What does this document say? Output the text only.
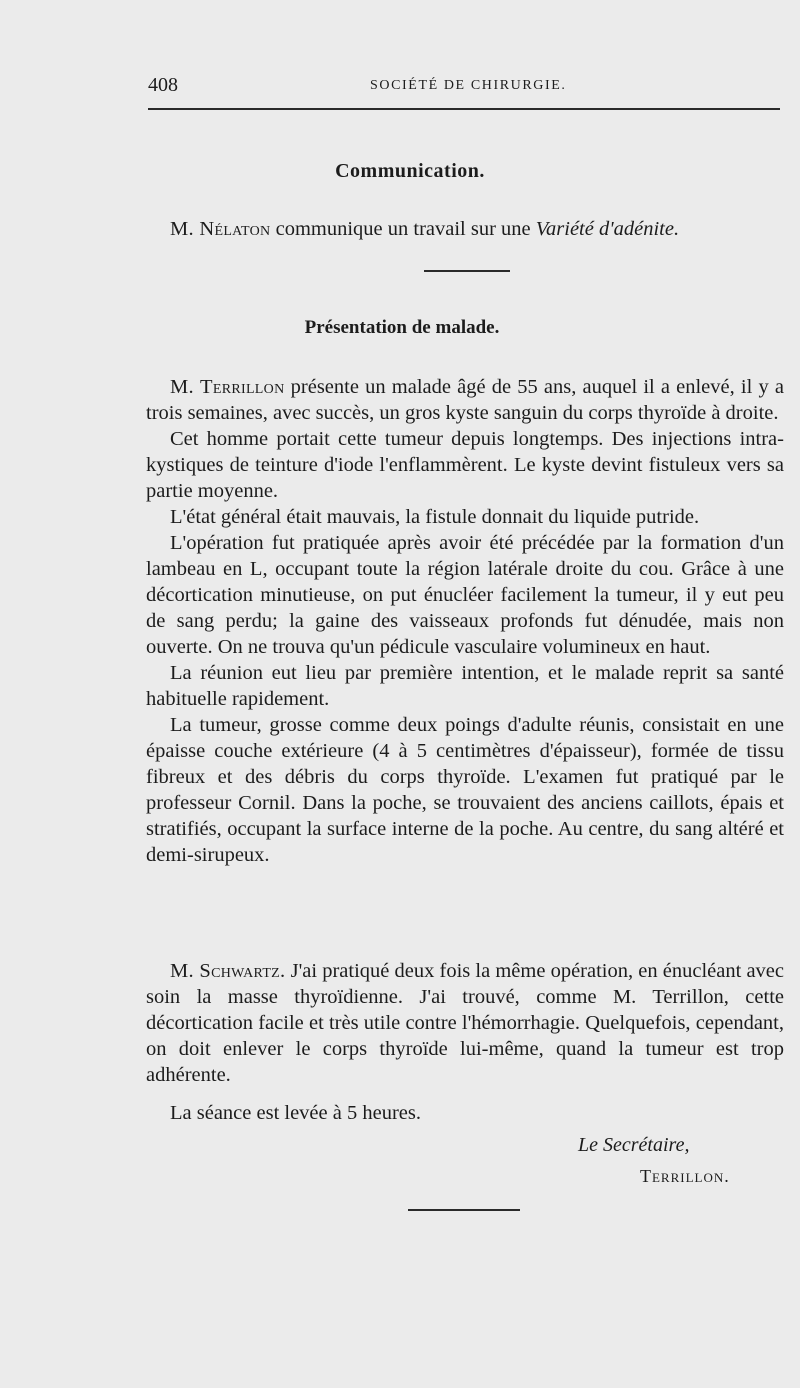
408	SOCIÉTÉ DE CHIRURGIE.
Communication.

M. Nélaton communique un travail sur une Variété d'adénite.

Présentation de malade.

M. Terrillon présente un malade âgé de 55 ans, auquel il a enlevé, il y a trois semaines, avec succès, un gros kyste sanguin du corps thyroïde à droite.

Cet homme portait cette tumeur depuis longtemps. Des injections intra-kystiques de teinture d'iode l'enflammèrent. Le kyste devint fistuleux vers sa partie moyenne.

L'état général était mauvais, la fistule donnait du liquide putride.

L'opération fut pratiquée après avoir été précédée par la formation d'un lambeau en L, occupant toute la région latérale droite du cou. Grâce à une décortication minutieuse, on put énucléer facilement la tumeur, il y eut peu de sang perdu; la gaine des vaisseaux profonds fut dénudée, mais non ouverte. On ne trouva qu'un pédicule vasculaire volumineux en haut.

La réunion eut lieu par première intention, et le malade reprit sa santé habituelle rapidement.

La tumeur, grosse comme deux poings d'adulte réunis, consistait en une épaisse couche extérieure (4 à 5 centimètres d'épaisseur), formée de tissu fibreux et des débris du corps thyroïde. L'examen fut pratiqué par le professeur Cornil. Dans la poche, se trouvaient des anciens caillots, épais et stratifiés, occupant la surface interne de la poche. Au centre, du sang altéré et demi-sirupeux.

M. Schwartz. J'ai pratiqué deux fois la même opération, en énucléant avec soin la masse thyroïdienne. J'ai trouvé, comme M. Terrillon, cette décortication facile et très utile contre l'hémorrhagie. Quelquefois, cependant, on doit enlever le corps thyroïde lui-même, quand la tumeur est trop adhérente.

La séance est levée à 5 heures.

Le Secrétaire,
Terrillon.
